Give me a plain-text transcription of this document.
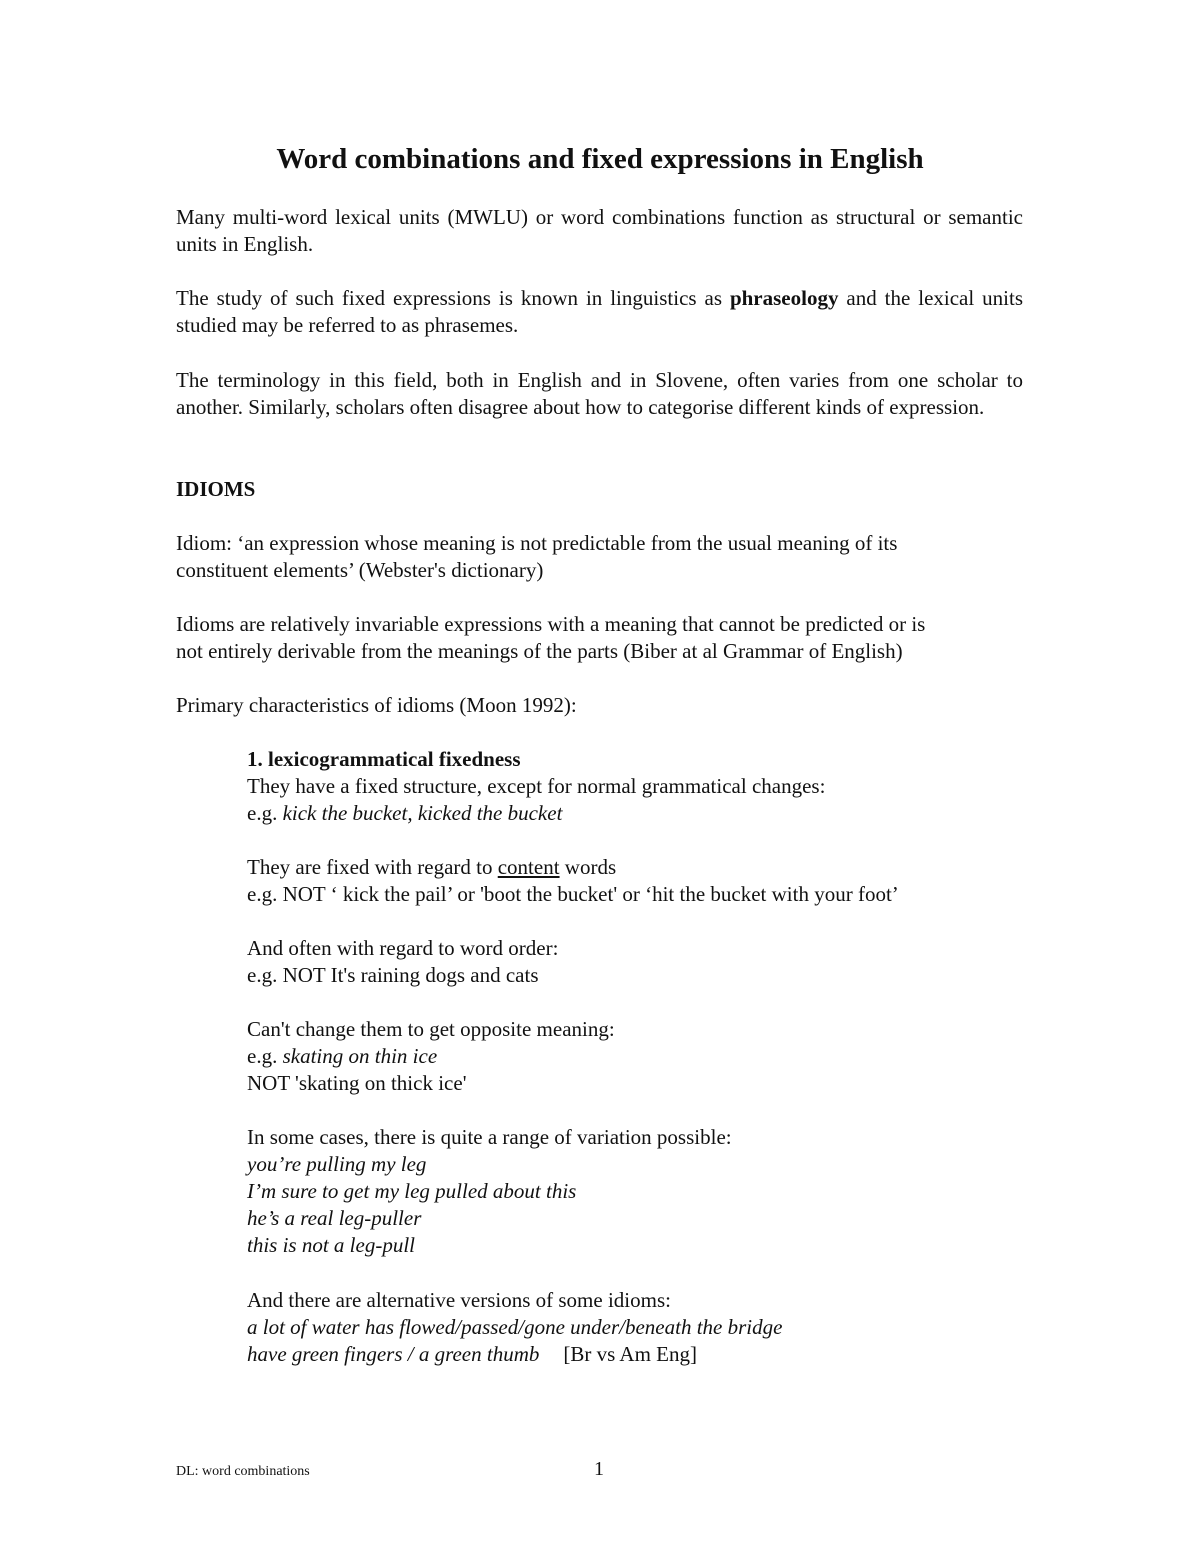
Word combinations and fixed expressions in English

Many multi-word lexical units (MWLU) or word combinations function as structural or semantic units in English.

The study of such fixed expressions is known in linguistics as phraseology and the lexical units studied may be referred to as phrasemes.

The terminology in this field, both in English and in Slovene, often varies from one scholar to another. Similarly, scholars often disagree about how to categorise different kinds of expression.

IDIOMS

Idiom: ‘an expression whose meaning is not predictable from the usual meaning of its
constituent elements’ (Webster's dictionary)

Idioms are relatively invariable expressions with a meaning that cannot be predicted or is
not entirely derivable from the meanings of the parts (Biber at al Grammar of English)

Primary characteristics of idioms (Moon 1992):

1. lexicogrammatical fixedness
They have a fixed structure, except for normal grammatical changes:
e.g. kick the bucket, kicked the bucket
They are fixed with regard to content words
e.g. NOT ‘ kick the pail’ or 'boot the bucket' or ‘hit the bucket with your foot’
And often with regard to word order:
e.g. NOT It's raining dogs and cats
Can't change them to get opposite meaning:
e.g. skating on thin ice
NOT 'skating on thick ice'
In some cases, there is quite a range of variation possible:
you’re pulling my leg
I’m sure to get my leg pulled about this
he’s a real leg-puller
this is not a leg-pull
And there are alternative versions of some idioms:
a lot of water has flowed/passed/gone under/beneath the bridge
have green fingers / a green thumb [Br vs Am Eng]
DL: word combinations	1
